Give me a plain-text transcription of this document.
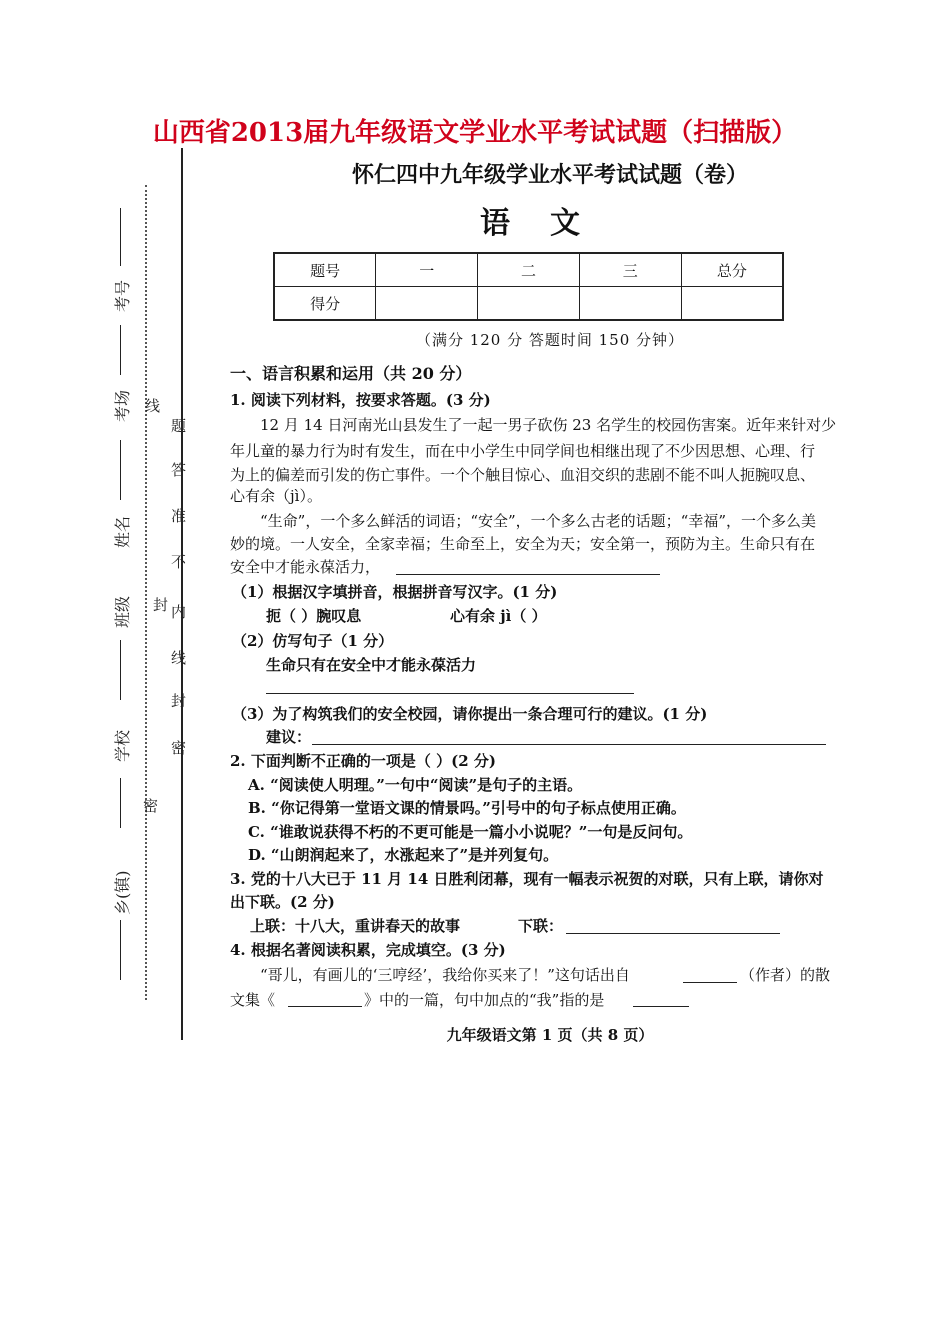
山西省2013届九年级语文学业水平考试试题（扫描版）
题
答
准
不
内
封
线
封
密
线
密
考号
考场
姓名
班级
学校
乡(镇)
怀仁四中九年级学业水平考试试题（卷）
语文
题号	一	二	三	总分
得分				
（满分 120 分 答题时间 150 分钟）
一、语言积累和运用（共 20 分）
1. 阅读下列材料，按要求答题。(3 分)
12 月 14 日河南光山县发生了一起一男子砍伤 23 名学生的校园伤害案。近年来针对少
年儿童的暴力行为时有发生，而在中小学生中同学间也相继出现了不少因思想、心理、行
为上的偏差而引发的伤亡事件。一个个触目惊心、血泪交织的悲剧不能不叫人扼腕叹息、
心有余（jì）。
“生命”，一个多么鲜活的词语；“安全”，一个多么古老的话题；“幸福”，一个多么美
妙的境。一人安全，全家幸福；生命至上，安全为天；安全第一，预防为主。生命只有在
安全中才能永葆活力，
（1）根据汉字填拼音，根据拼音写汉字。(1 分)
扼（ ）腕叹息	心有余 jì（ ）
（2）仿写句子（1 分）
生命只有在安全中才能永葆活力
（3）为了构筑我们的安全校园，请你提出一条合理可行的建议。(1 分)
建议：
2. 下面判断不正确的一项是（ ）(2 分)
A. “阅读使人明理。”一句中“阅读”是句子的主语。
B. “你记得第一堂语文课的情景吗。”引号中的句子标点使用正确。
C. “谁敢说获得不朽的不更可能是一篇小小说呢？”一句是反问句。
D. “山朗润起来了，水涨起来了”是并列复句。
3. 党的十八大已于 11 月 14 日胜利闭幕，现有一幅表示祝贺的对联，只有上联，请你对
出下联。(2 分)
上联：十八大，重讲春天的故事	下联：
4. 根据名著阅读积累，完成填空。(3 分)
“哥儿，有画儿的‘三哼经’，我给你买来了！”这句话出自	（作者）的散
文集《	》中的一篇，句中加点的“我”指的是
九年级语文第 1 页（共 8 页）
